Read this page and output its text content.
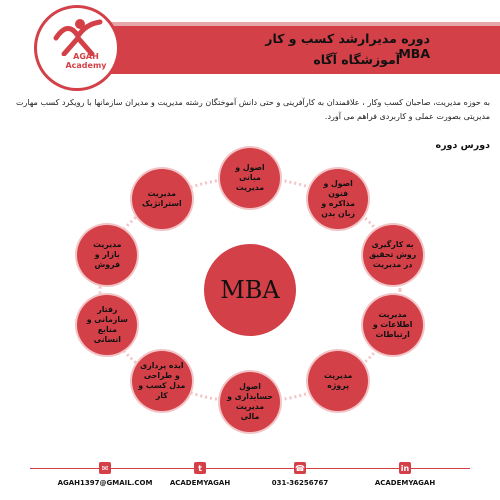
دوره مدیرارشد کسب و کار MBA
آموزشگاه آگاه
AGAH
Academy
به حوزه مدیریت، صاحبان کسب وکار ، علاقمندان به کارآفرینی و حتی دانش آموختگان رشته مدیریت و مدیران سازمانها با رویکرد کسب مهارت مدیریتی بصورت عملی و کاربردی فراهم می آورد.
دورس دوره
MBA
اصول و مبانی مدیریت	اصول و فنون مذاکره و زبان بدن
به کارگیری روش تحقیق در مدیریت
مدیریت اطلاعات و ارتباطات
مدیریت پروژه
اصول حسابداری و مدیریت مالی
ایده پردازی و طراحی مدل کسب و کار
رفتار سازمانی و منابع انسانی
مدیریت بازار و فروش
مدیریت استراتژیک
✉
AGAH1397@GMAIL.COM
t
ACADEMYAGAH
☎
031-36256767
in
ACADEMYAGAH
